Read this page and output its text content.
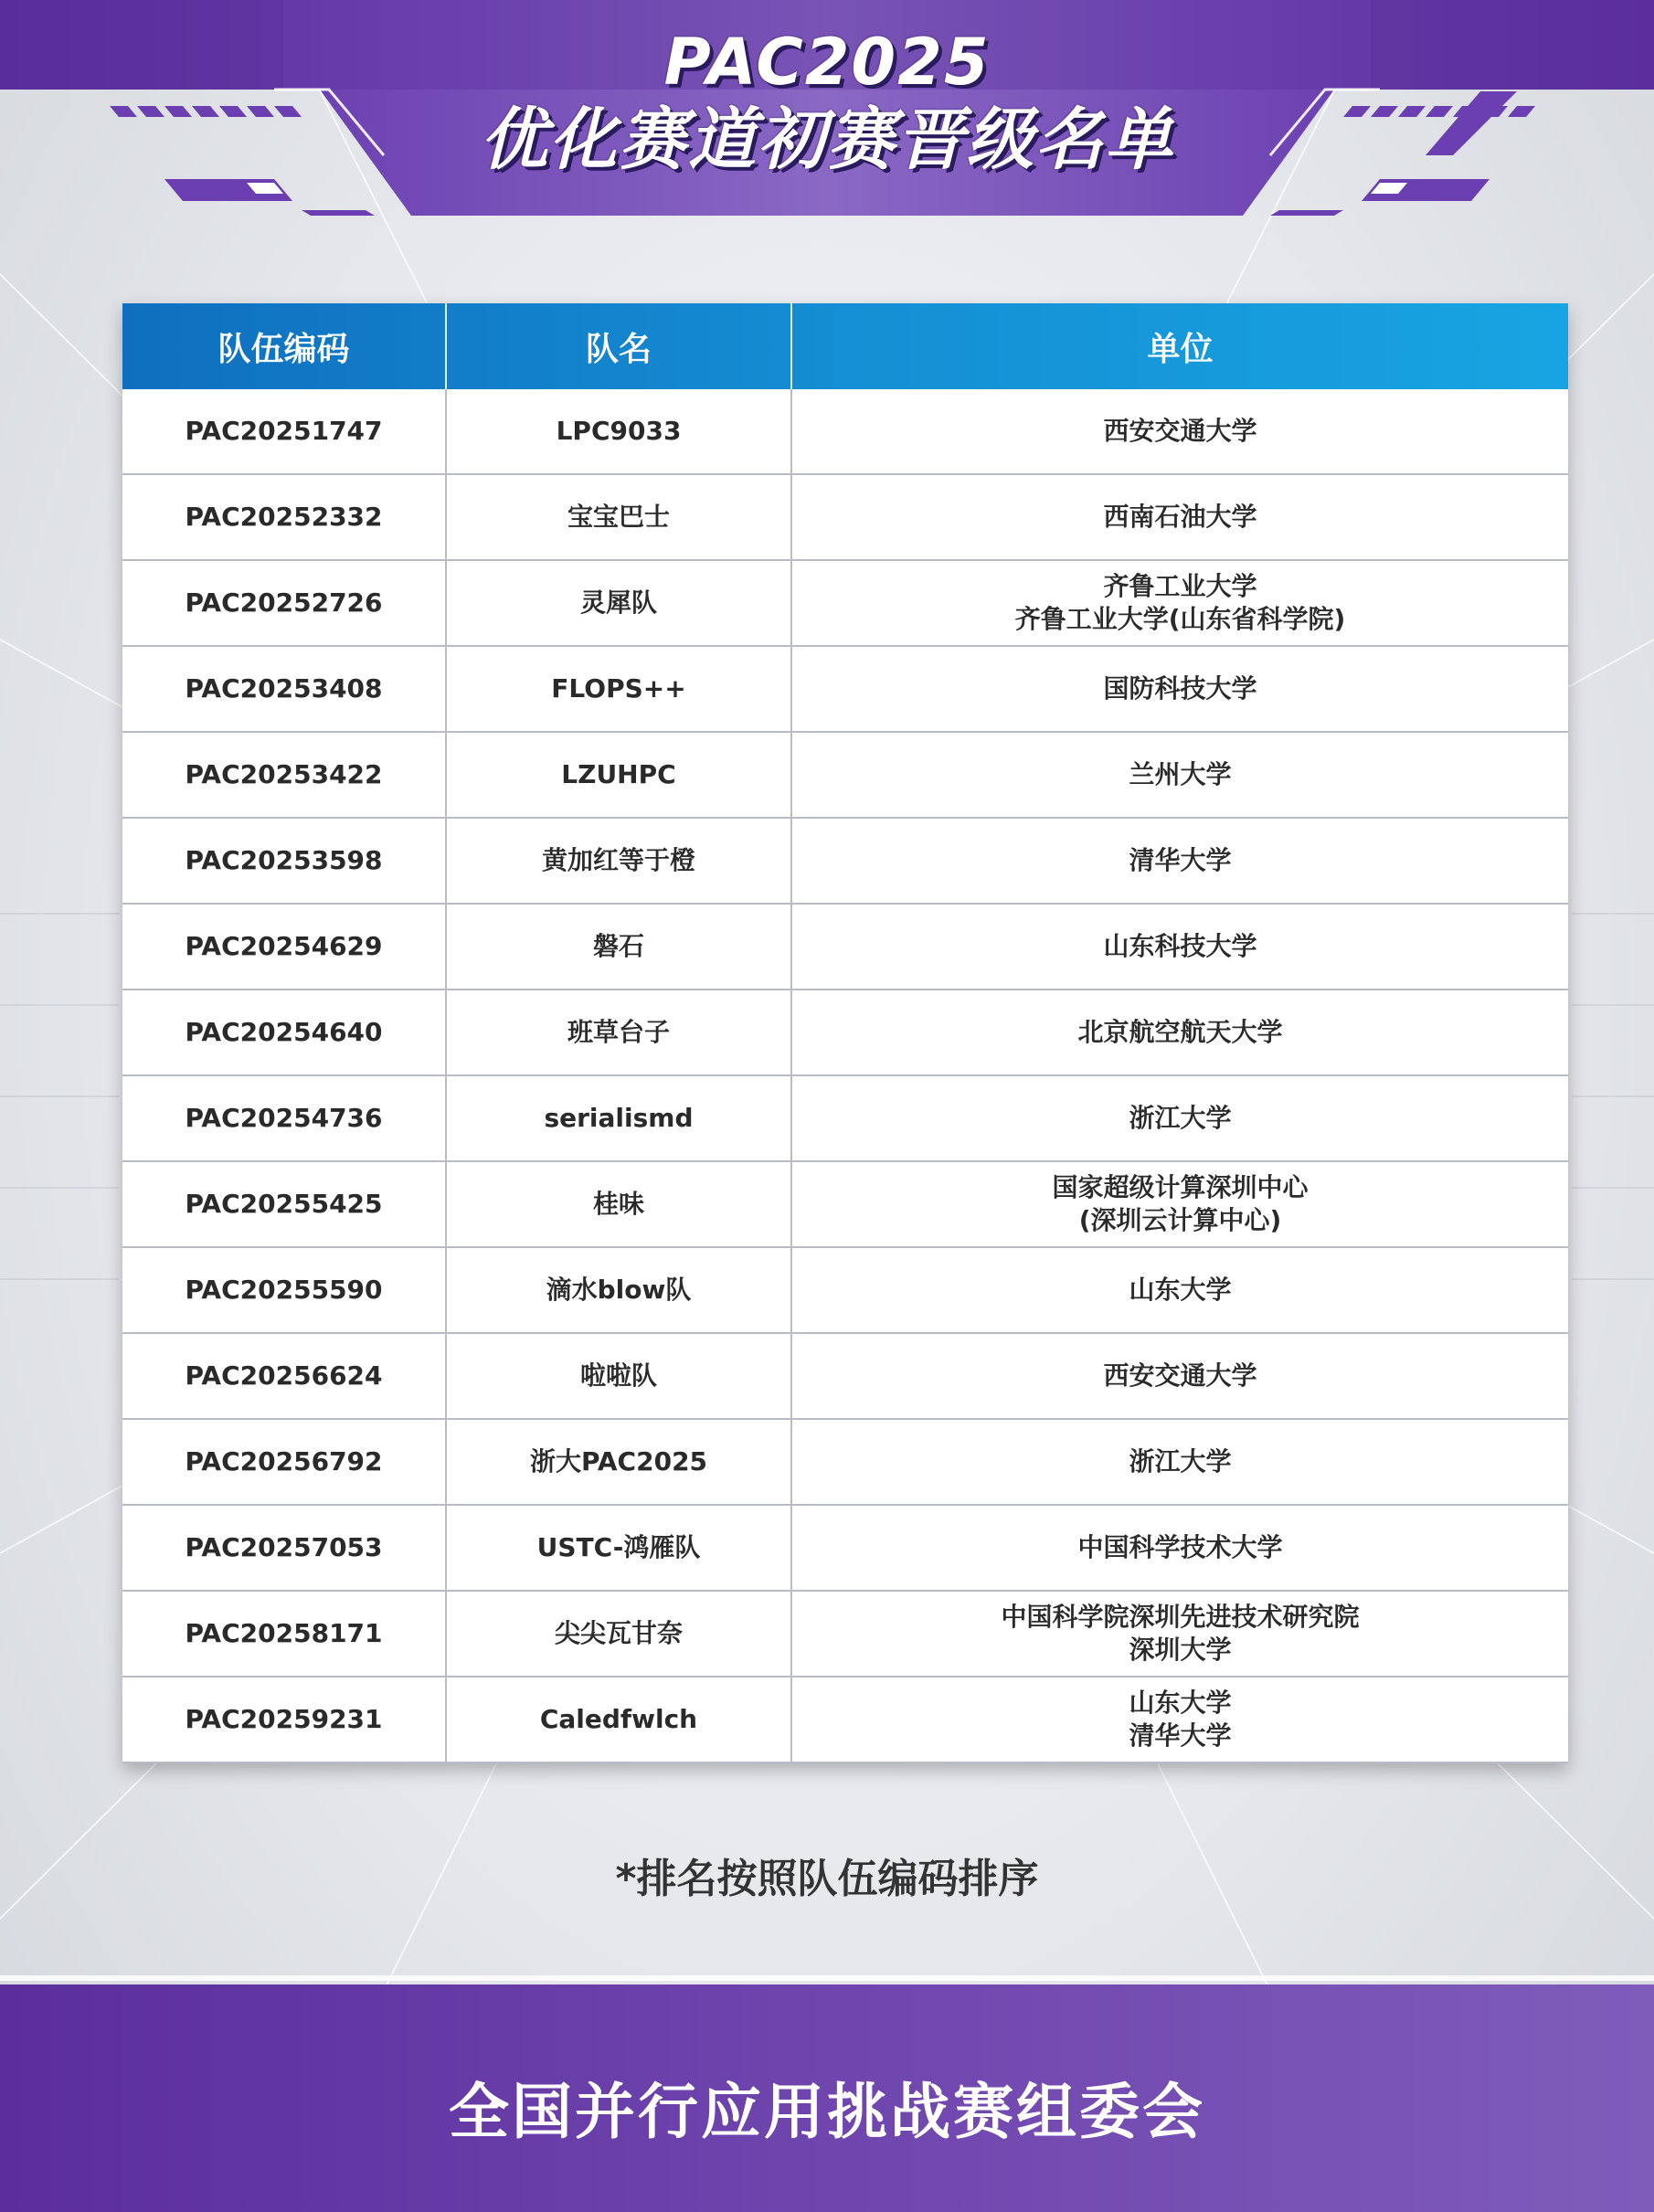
PAC2025
优化赛道初赛晋级名单
队伍编码	队名	单位
PAC20251747	LPC9033	西安交通大学

PAC20252332	宝宝巴士	西南石油大学

PAC20252726	灵犀队	齐鲁工业大学
齐鲁工业大学(山东省科学院)

PAC20253408	FLOPS++	国防科技大学

PAC20253422	LZUHPC	兰州大学

PAC20253598	黄加红等于橙	清华大学

PAC20254629	磐石	山东科技大学

PAC20254640	班草台子	北京航空航天大学

PAC20254736	serialismd	浙江大学

PAC20255425	桂味	国家超级计算深圳中心
(深圳云计算中心)

PAC20255590	滴水blow队	山东大学

PAC20256624	啦啦队	西安交通大学

PAC20256792	浙大PAC2025	浙江大学

PAC20257053	USTC-鸿雁队	中国科学技术大学

PAC20258171	尖尖瓦甘奈	中国科学院深圳先进技术研究院
深圳大学

PAC20259231	Caledfwlch	山东大学
清华大学
*排名按照队伍编码排序
全国并行应用挑战赛组委会
